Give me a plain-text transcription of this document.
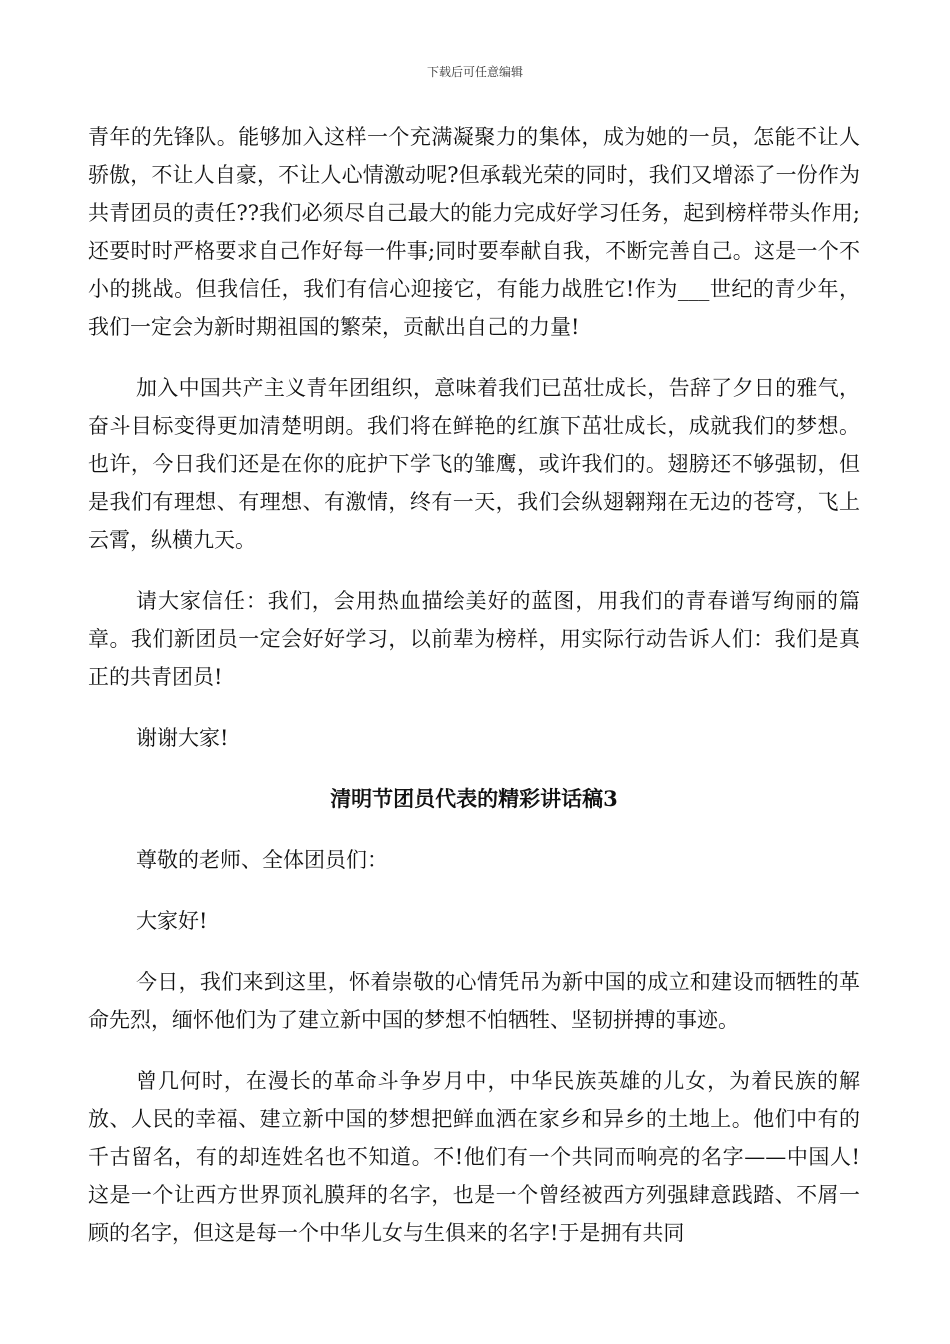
下载后可任意编辑

青年的先锋队。能够加入这样一个充满凝聚力的集体，成为她的一员，怎能不让人骄傲，不让人自豪，不让人心情激动呢?但承载光荣的同时，我们又增添了一份作为共青团员的责任??我们必须尽自己最大的能力完成好学习任务，起到榜样带头作用;还要时时严格要求自己作好每一件事;同时要奉献自我，不断完善自己。这是一个不小的挑战。但我信任，我们有信心迎接它，有能力战胜它!作为___世纪的青少年，我们一定会为新时期祖国的繁荣，贡献出自己的力量!

加入中国共产主义青年团组织，意味着我们已茁壮成长，告辞了夕日的雅气，奋斗目标变得更加清楚明朗。我们将在鲜艳的红旗下茁壮成长，成就我们的梦想。也许，今日我们还是在你的庇护下学飞的雏鹰，或许我们的。翅膀还不够强韧，但是我们有理想、有理想、有激情，终有一天，我们会纵翅翱翔在无边的苍穹，飞上云霄，纵横九天。

请大家信任：我们，会用热血描绘美好的蓝图，用我们的青春谱写绚丽的篇章。我们新团员一定会好好学习，以前辈为榜样，用实际行动告诉人们：我们是真正的共青团员!

谢谢大家!

清明节团员代表的精彩讲话稿3

尊敬的老师、全体团员们：

大家好!

今日，我们来到这里，怀着崇敬的心情凭吊为新中国的成立和建设而牺牲的革命先烈，缅怀他们为了建立新中国的梦想不怕牺牲、坚韧拼搏的事迹。

曾几何时，在漫长的革命斗争岁月中，中华民族英雄的儿女，为着民族的解放、人民的幸福、建立新中国的梦想把鲜血洒在家乡和异乡的土地上。他们中有的千古留名，有的却连姓名也不知道。不!他们有一个共同而响亮的名字——中国人!这是一个让西方世界顶礼膜拜的名字，也是一个曾经被西方列强肆意践踏、不屑一顾的名字，但这是每一个中华儿女与生俱来的名字!于是拥有共同
